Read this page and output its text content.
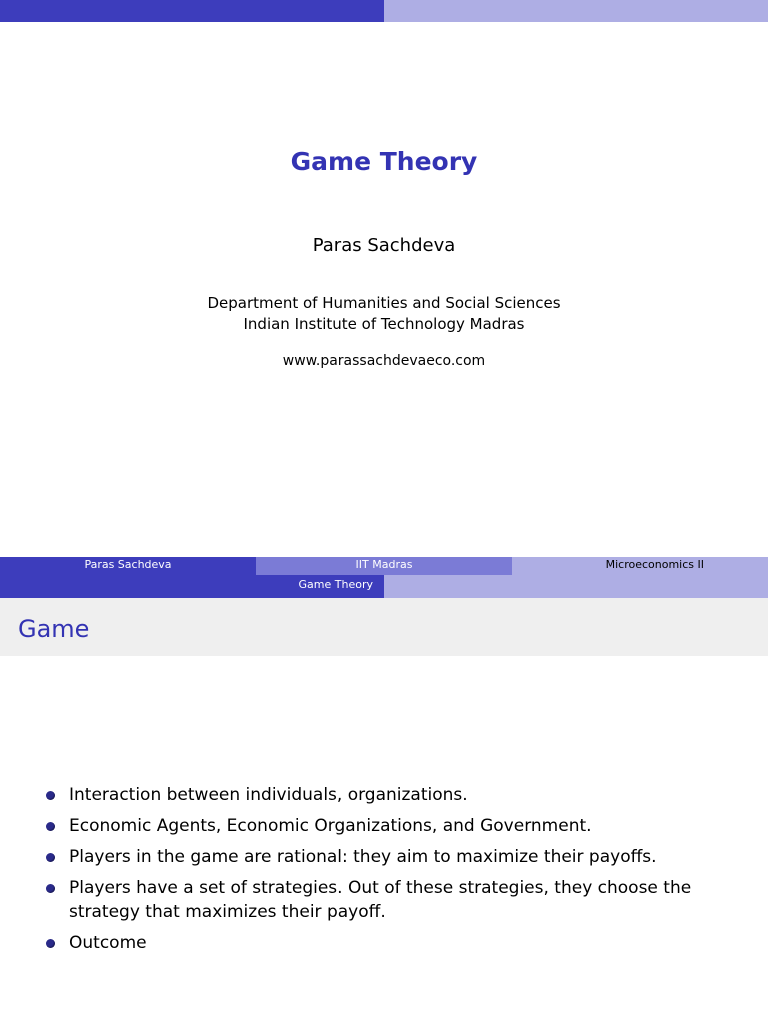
Game Theory
Paras Sachdeva
Department of Humanities and Social Sciences
Indian Institute of Technology Madras
www.parassachdevaeco.com
Paras Sachdeva	IIT Madras	Microeconomics II
Game Theory
Game
Interaction between individuals, organizations.
Economic Agents, Economic Organizations, and Government.
Players in the game are rational: they aim to maximize their payoffs.
Players have a set of strategies. Out of these strategies, they choose the strategy that maximizes their payoff.
Outcome
